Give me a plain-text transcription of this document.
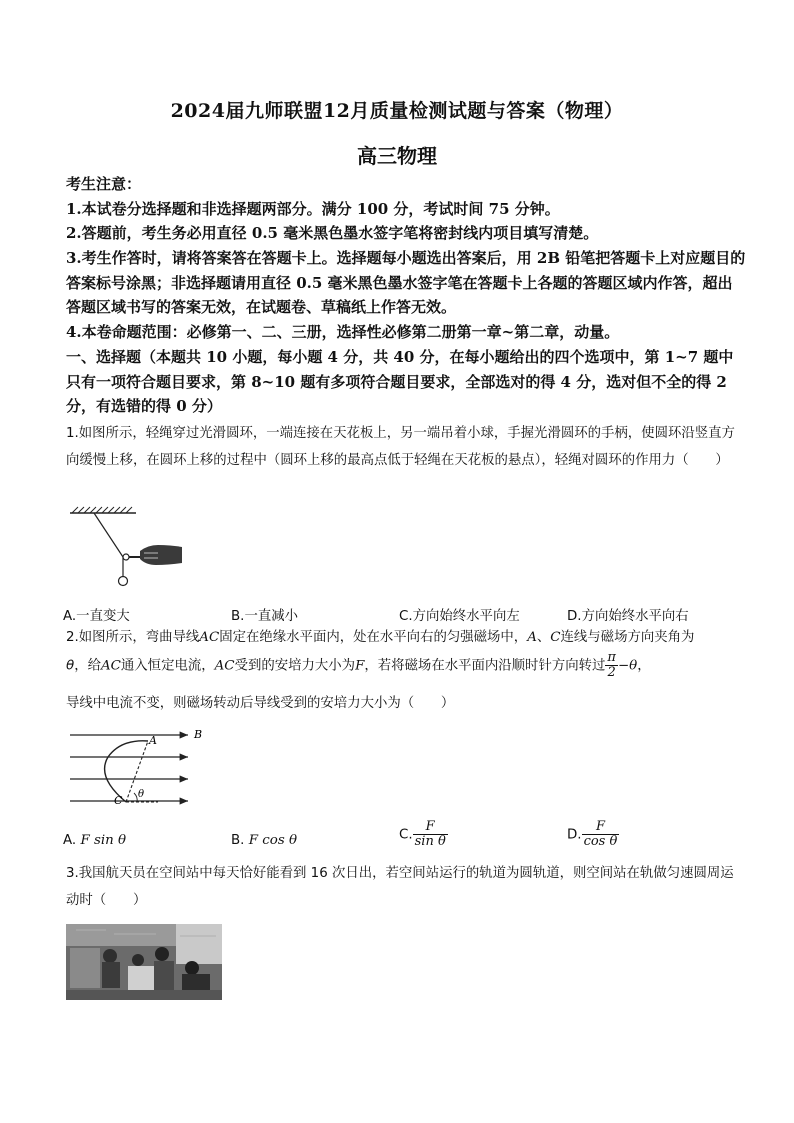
2024届九师联盟12月质量检测试题与答案（物理）
高三物理
考生注意：
1.本试卷分选择题和非选择题两部分。满分 100 分，考试时间 75 分钟。
2.答题前，考生务必用直径 0.5 毫米黑色墨水签字笔将密封线内项目填写清楚。
3.考生作答时，请将答案答在答题卡上。选择题每小题选出答案后，用 2B 铅笔把答题卡上对应题目的答案标号涂黑；非选择题请用直径 0.5 毫米黑色墨水签字笔在答题卡上各题的答题区域内作答，超出答题区域书写的答案无效，在试题卷、草稿纸上作答无效。
4.本卷命题范围：必修第一、二、三册，选择性必修第二册第一章~第二章，动量。
一、选择题（本题共 10 小题，每小题 4 分，共 40 分，在每小题给出的四个选项中，第 1~7 题中只有一项符合题目要求，第 8~10 题有多项符合题目要求，全部选对的得 4 分，选对但不全的得 2 分，有选错的得 0 分）
1.如图所示，轻绳穿过光滑圆环，一端连接在天花板上，另一端吊着小球，手握光滑圆环的手柄，使圆环沿竖直方向缓慢上移，在圆环上移的过程中（圆环上移的最高点低于轻绳在天花板的悬点），轻绳对圆环的作用力（　　）
A.一直变大	B.一直减小	C.方向始终水平向左	D.方向始终水平向右
2.如图所示，弯曲导线AC固定在绝缘水平面内，处在水平向右的匀强磁场中，A、C连线与磁场方向夹角为
θ，给AC通入恒定电流，AC受到的安培力大小为F，若将磁场在水平面内沿顺时针方向转过 $\frac{\pi}{2} -\theta$，
导线中电流不变，则磁场转动后导线受到的安培力大小为（　　）
B
A
C θ
A. F sin θ	B. F cos θ	C. $\frac{F}{\text{sin θ}}$	D. $\frac{F}{\text{cos θ}}$
3.我国航天员在空间站中每天恰好能看到 16 次日出，若空间站运行的轨道为圆轨道，则空间站在轨做匀速圆周运动时（　　）
